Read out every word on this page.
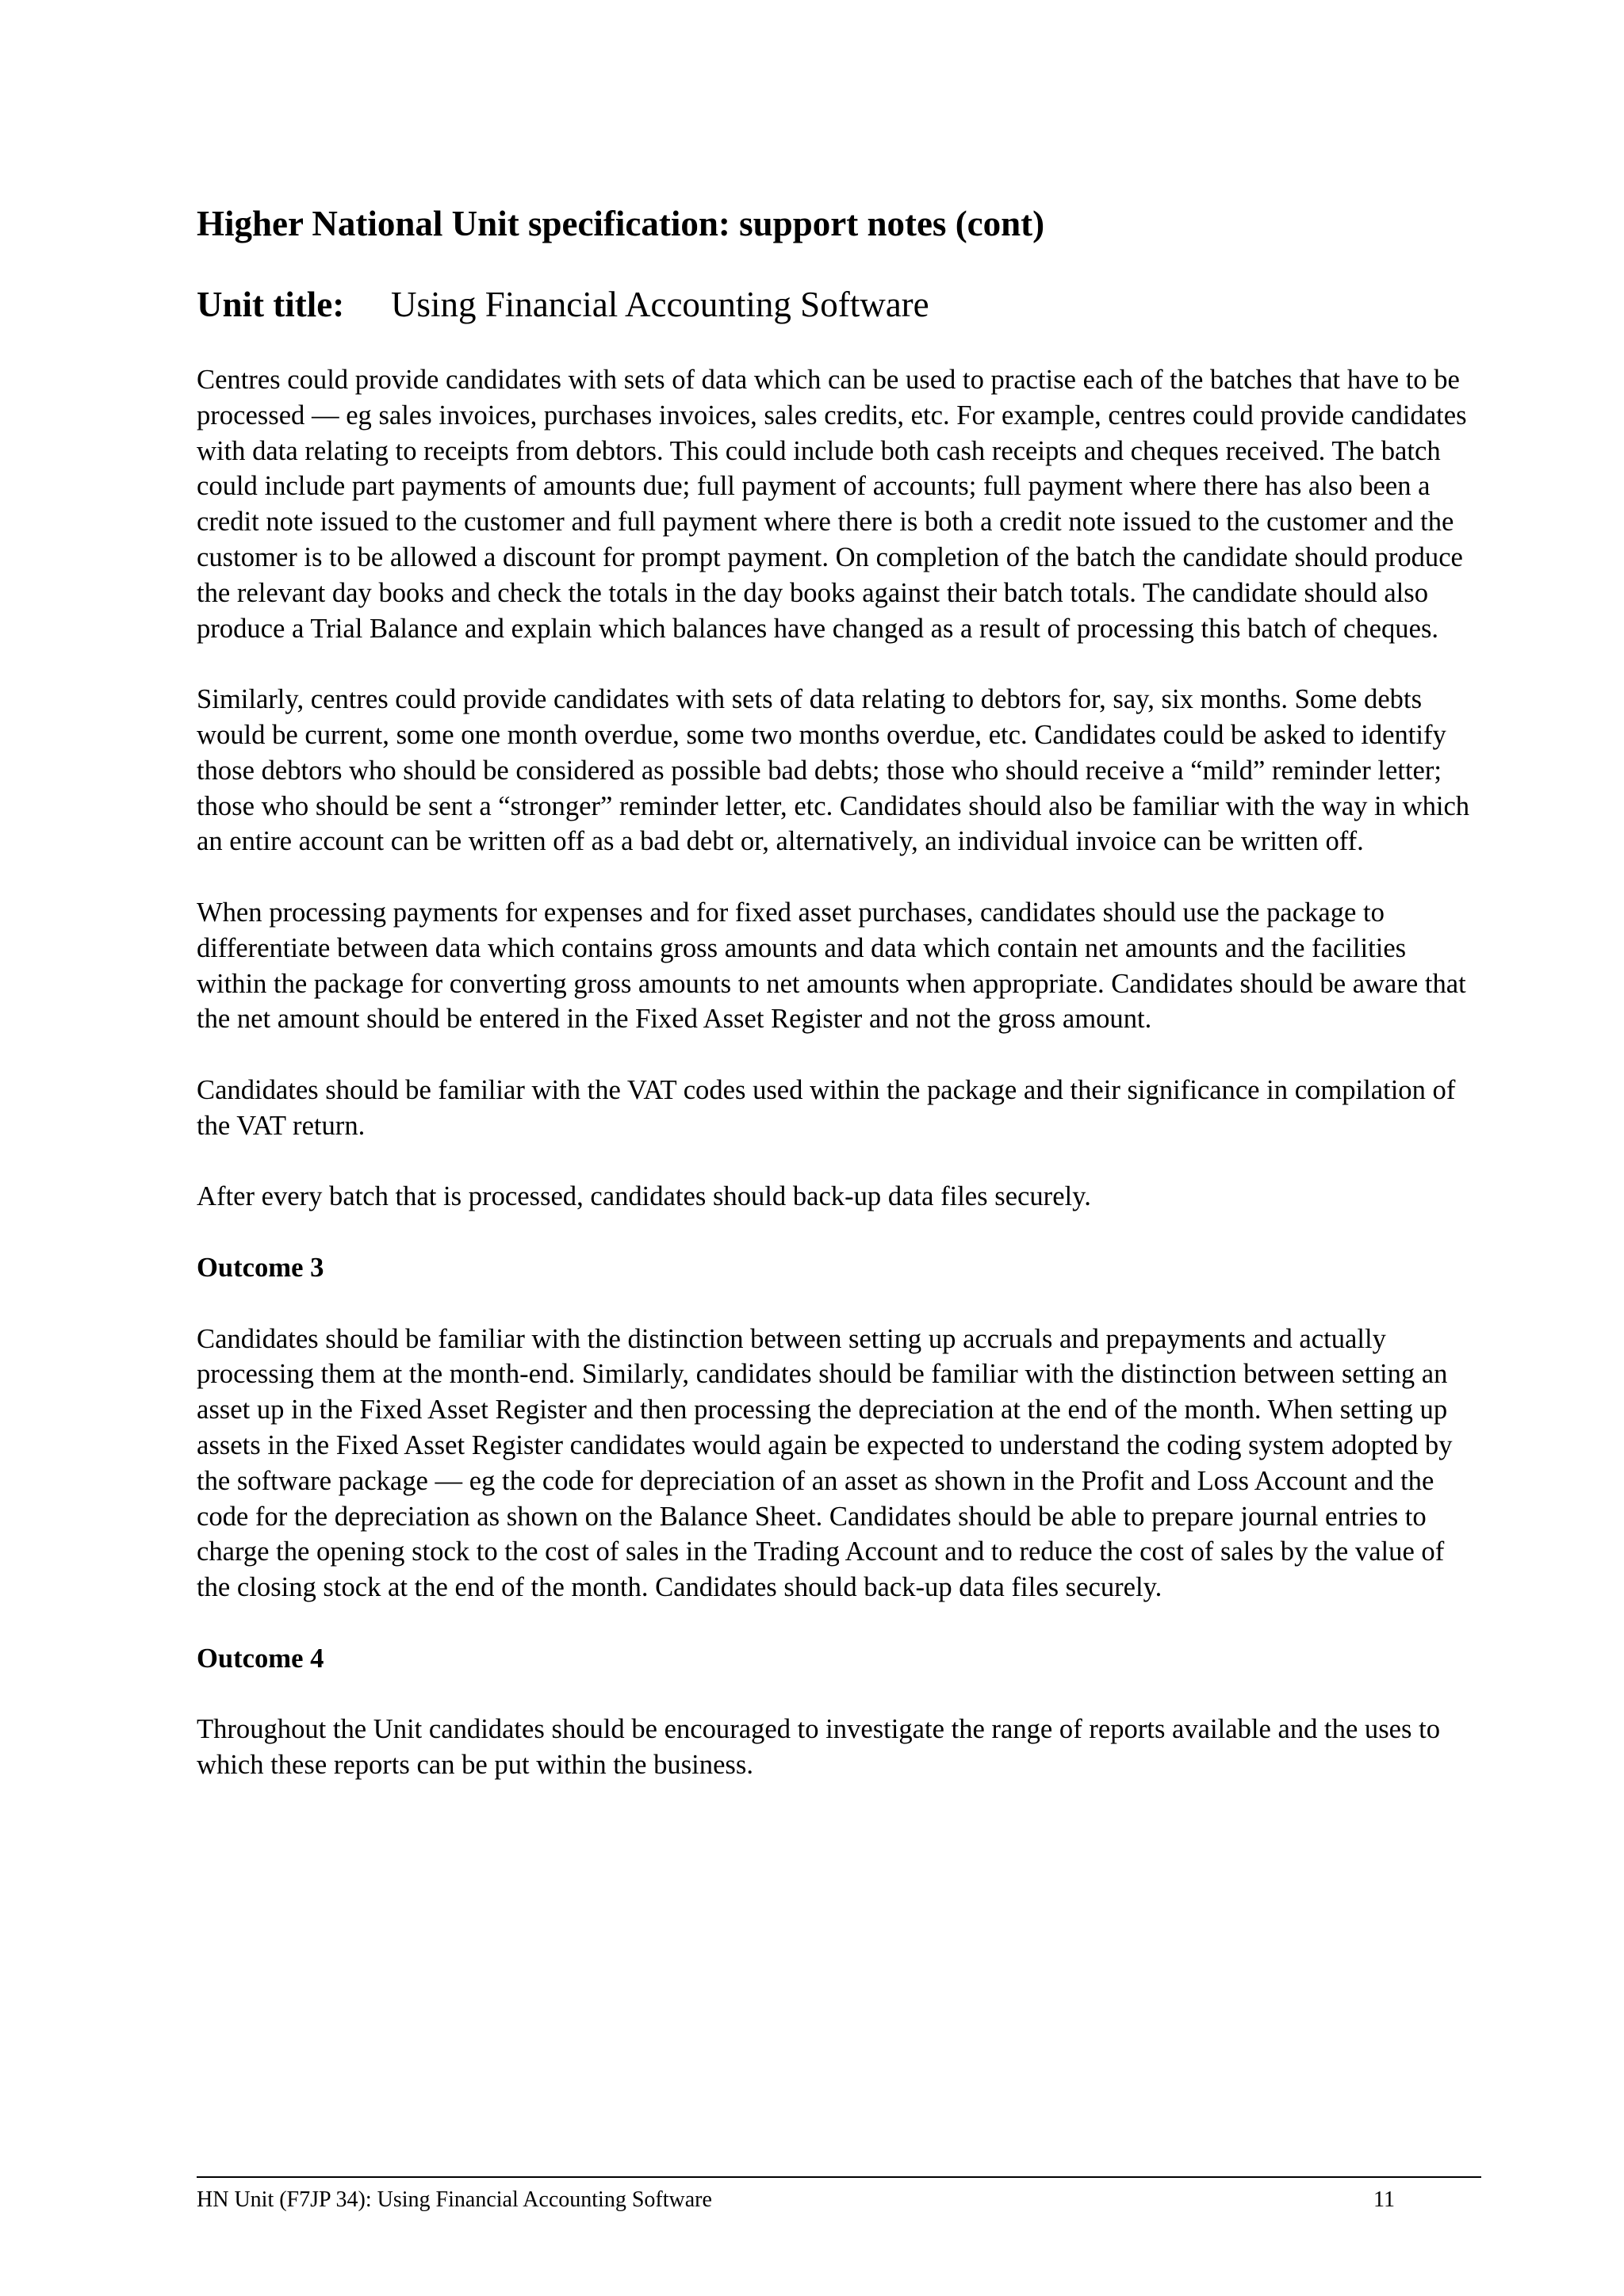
Higher National Unit specification: support notes (cont)
Unit title: Using Financial Accounting Software

Centres could provide candidates with sets of data which can be used to practise each of the batches that have to be processed — eg sales invoices, purchases invoices, sales credits, etc. For example, centres could provide candidates with data relating to receipts from debtors. This could include both cash receipts and cheques received. The batch could include part payments of amounts due; full payment of accounts; full payment where there has also been a credit note issued to the customer and full payment where there is both a credit note issued to the customer and the customer is to be allowed a discount for prompt payment. On completion of the batch the candidate should produce the relevant day books and check the totals in the day books against their batch totals. The candidate should also produce a Trial Balance and explain which balances have changed as a result of processing this batch of cheques.

Similarly, centres could provide candidates with sets of data relating to debtors for, say, six months. Some debts would be current, some one month overdue, some two months overdue, etc. Candidates could be asked to identify those debtors who should be considered as possible bad debts; those who should receive a “mild” reminder letter; those who should be sent a “stronger” reminder letter, etc. Candidates should also be familiar with the way in which an entire account can be written off as a bad debt or, alternatively, an individual invoice can be written off.

When processing payments for expenses and for fixed asset purchases, candidates should use the package to differentiate between data which contains gross amounts and data which contain net amounts and the facilities within the package for converting gross amounts to net amounts when appropriate. Candidates should be aware that the net amount should be entered in the Fixed Asset Register and not the gross amount.

Candidates should be familiar with the VAT codes used within the package and their significance in compilation of the VAT return.

After every batch that is processed, candidates should back-up data files securely.

Outcome 3

Candidates should be familiar with the distinction between setting up accruals and prepayments and actually processing them at the month-end. Similarly, candidates should be familiar with the distinction between setting an asset up in the Fixed Asset Register and then processing the depreciation at the end of the month. When setting up assets in the Fixed Asset Register candidates would again be expected to understand the coding system adopted by the software package — eg the code for depreciation of an asset as shown in the Profit and Loss Account and the code for the depreciation as shown on the Balance Sheet. Candidates should be able to prepare journal entries to charge the opening stock to the cost of sales in the Trading Account and to reduce the cost of sales by the value of the closing stock at the end of the month. Candidates should back-up data files securely.

Outcome 4

Throughout the Unit candidates should be encouraged to investigate the range of reports available and the uses to which these reports can be put within the business.

HN Unit (F7JP 34): Using Financial Accounting Software	11
